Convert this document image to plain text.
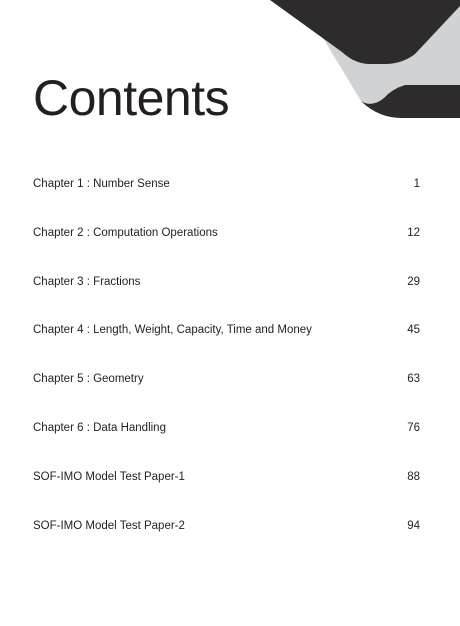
Contents
Chapter 1 : Number Sense	1
Chapter 2 : Computation Operations	12
Chapter 3 : Fractions	29
Chapter 4 : Length, Weight, Capacity, Time and Money	45
Chapter 5 : Geometry	63
Chapter 6 : Data Handling	76
SOF-IMO Model Test Paper-1	88
SOF-IMO Model Test Paper-2	94
